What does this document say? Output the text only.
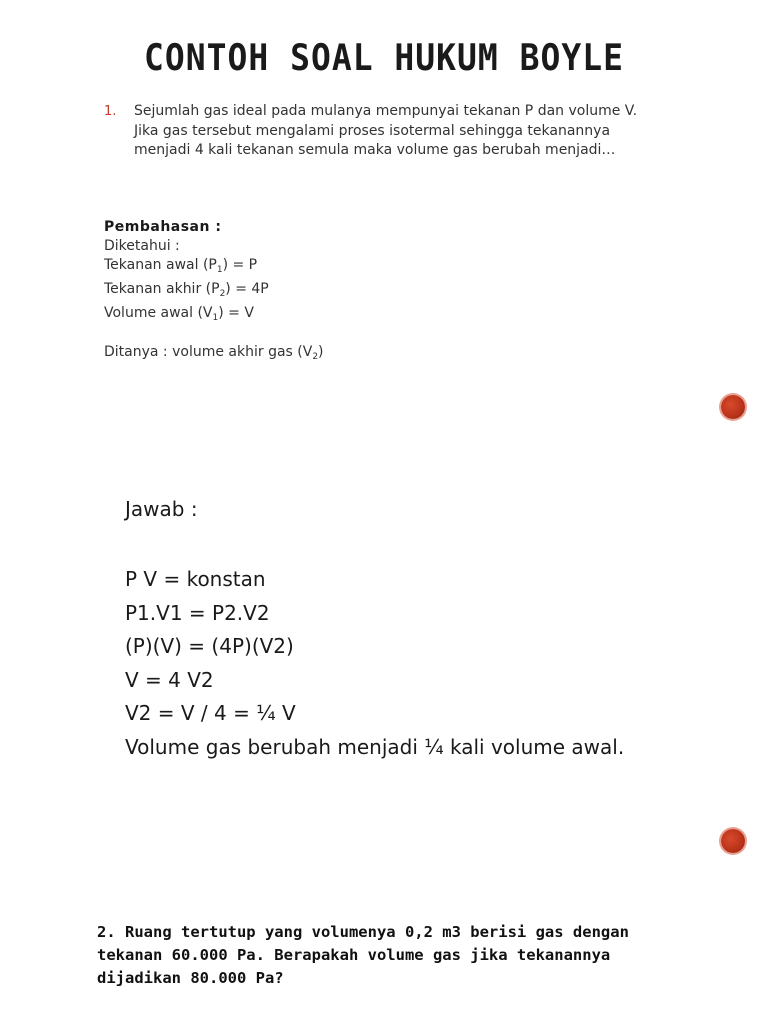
CONTOH SOAL HUKUM BOYLE
1. Sejumlah gas ideal pada mulanya mempunyai tekanan P dan volume V. Jika gas tersebut mengalami proses isotermal sehingga tekanannya menjadi 4 kali tekanan semula maka volume gas berubah menjadi…
Pembahasan :
Diketahui :
Tekanan awal $(P_1) = P$
Tekanan akhir $(P_2) = 4P$
Volume awal $(V_1) = V$
Ditanya : volume akhir gas $(V_2)$
Jawab :
P V = konstan
P1.V1 = P2.V2
(P)(V) = (4P)(V2)
V = 4 V2
V2 = V / 4 = ¼ V
Volume gas berubah menjadi ¼ kali volume awal.
2. Ruang tertutup yang volumenya 0,2 m3 berisi gas dengan
tekanan 60.000 Pa. Berapakah volume gas jika tekanannya
dijadikan 80.000 Pa?
